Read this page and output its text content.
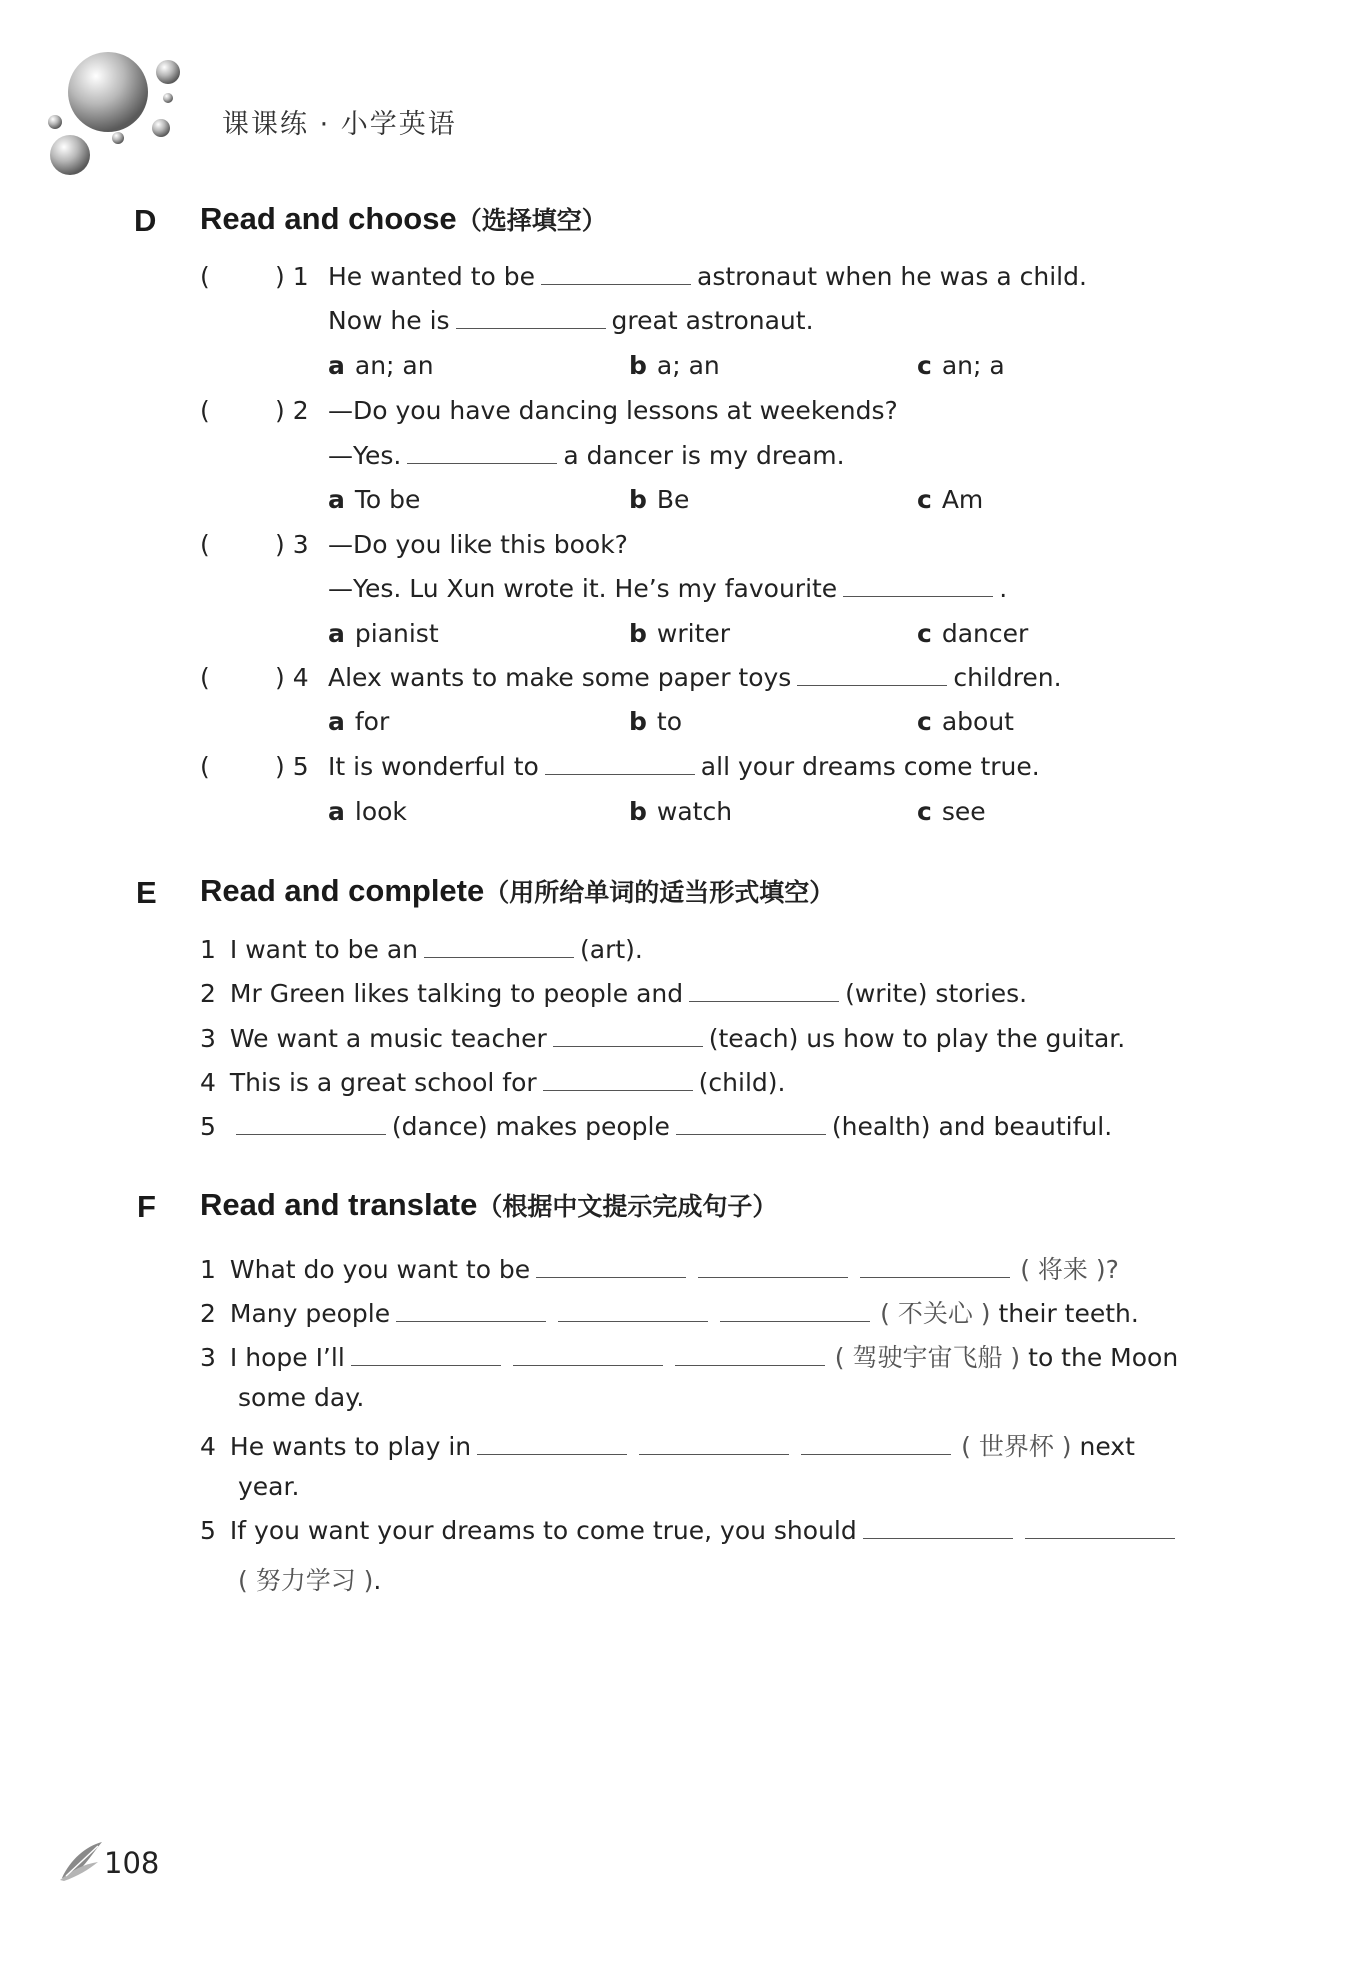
课课练 · 小学英语
D Read and choose（选择填空）
(	) 1 He wanted to be	astronaut when he was a child.
Now he is	great astronaut.
a an; an	b a; an	c an; a
(	) 2 —Do you have dancing lessons at weekends?
—Yes.	a dancer is my dream.
a To be	b Be	c Am
(	) 3 —Do you like this book?
—Yes. Lu Xun wrote it. He’s my favourite	.
a pianist	b writer	c dancer
(	) 4 Alex wants to make some paper toys	children.
a for	b to	c about
(	) 5 It is wonderful to	all your dreams come true.
a look	b watch	c see
E Read and complete（用所给单词的适当形式填空）
1 I want to be an	(art).
2 Mr Green likes talking to people and	(write) stories.
3 We want a music teacher	(teach) us how to play the guitar.
4 This is a great school for	(child).
5	(dance) makes people	(health) and beautiful.
F Read and translate（根据中文提示完成句子）
1 What do you want to be	( 将来 )?
2 Many people	( 不关心 ) their teeth.
3 I hope I’ll	( 驾驶宇宙飞船 ) to the Moon
some day.
4 He wants to play in	( 世界杯 ) next
year.
5 If you want your dreams to come true, you should
( 努力学习 ).
108
